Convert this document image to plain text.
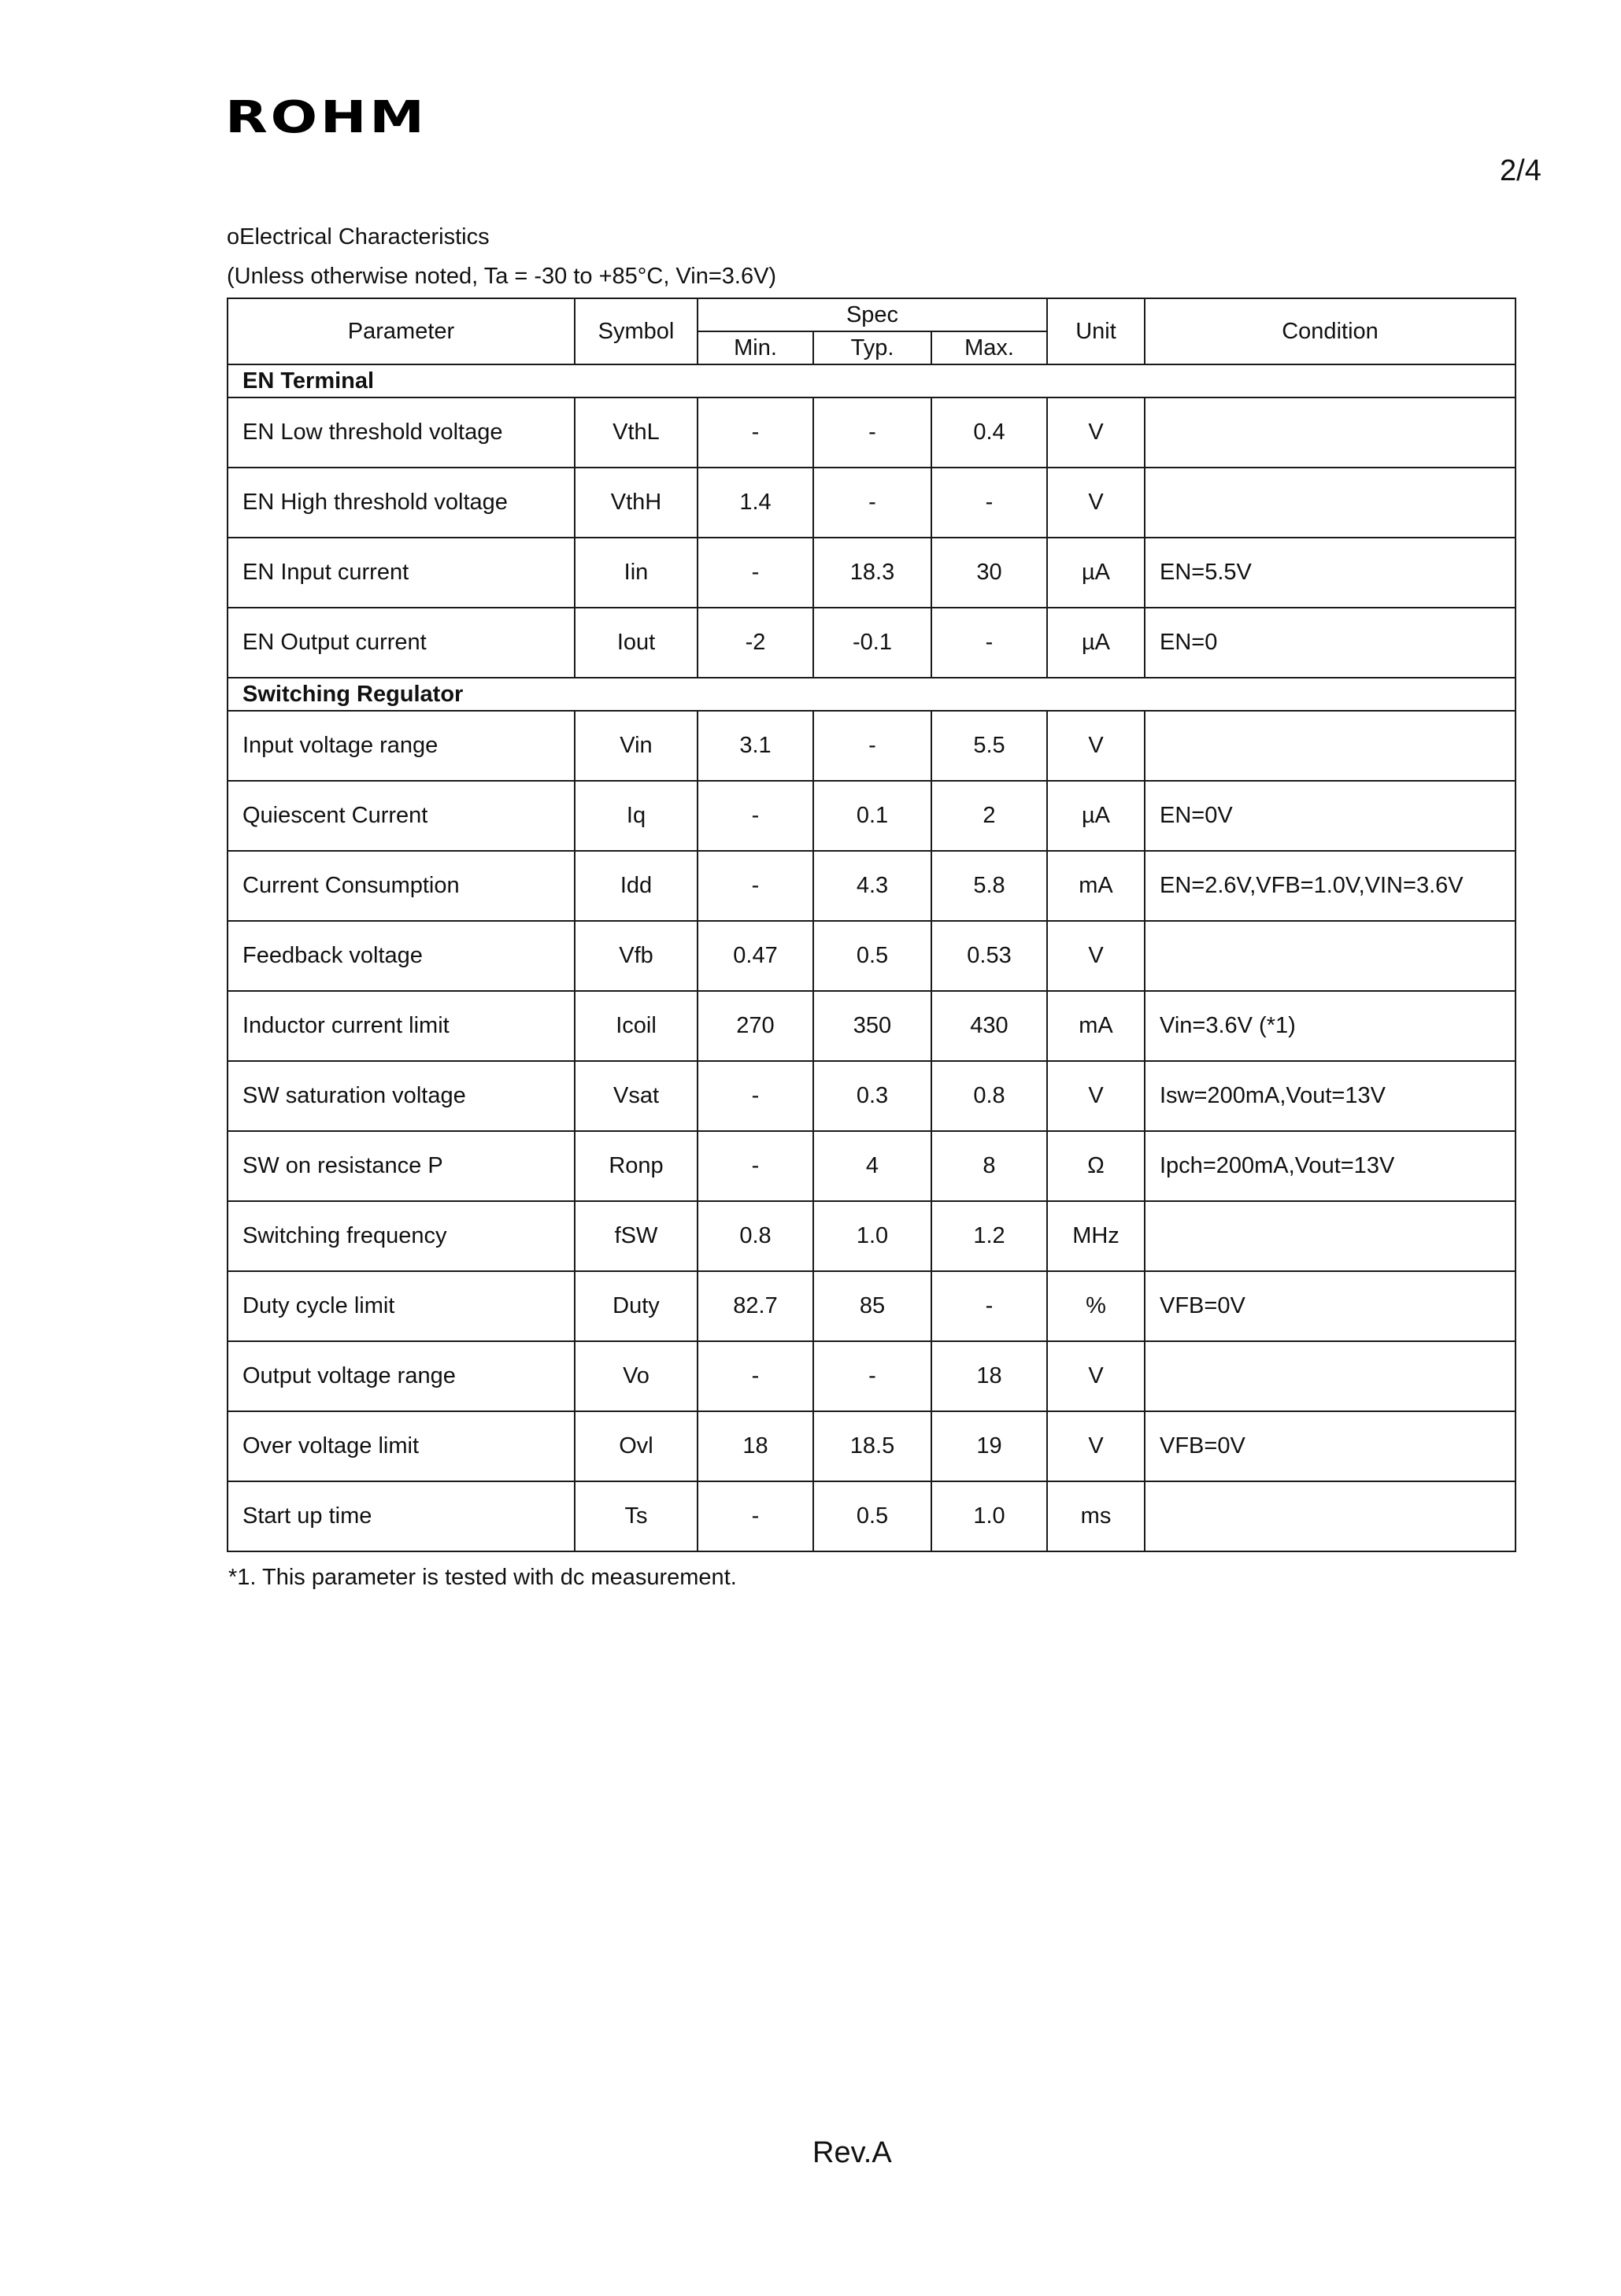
ROHM
2/4
oElectrical Characteristics
(Unless otherwise noted, Ta = -30 to +85°C, Vin=3.6V)
Parameter	Symbol	Spec			Unit	Condition
		Min.	Typ.	Max.		
EN Terminal						
EN Low threshold voltage	VthL	-	-	0.4	V	
EN High threshold voltage	VthH	1.4	-	-	V	
EN Input current	Iin	-	18.3	30	µA	EN=5.5V
EN Output current	Iout	-2	-0.1	-	µA	EN=0
Switching Regulator						
Input voltage range	Vin	3.1	-	5.5	V	
Quiescent Current	Iq	-	0.1	2	µA	EN=0V
Current Consumption	Idd	-	4.3	5.8	mA	EN=2.6V,VFB=1.0V,VIN=3.6V
Feedback voltage	Vfb	0.47	0.5	0.53	V	
Inductor current limit	Icoil	270	350	430	mA	Vin=3.6V (*1)
SW saturation voltage	Vsat	-	0.3	0.8	V	Isw=200mA,Vout=13V
SW on resistance P	Ronp	-	4	8	Ω	Ipch=200mA,Vout=13V
Switching frequency	fSW	0.8	1.0	1.2	MHz	
Duty cycle limit	Duty	82.7	85	-	%	VFB=0V
Output voltage range	Vo	-	-	18	V	
Over voltage limit	Ovl	18	18.5	19	V	VFB=0V
Start up time	Ts	-	0.5	1.0	ms	
*1. This parameter is tested with dc measurement.
Rev.A
